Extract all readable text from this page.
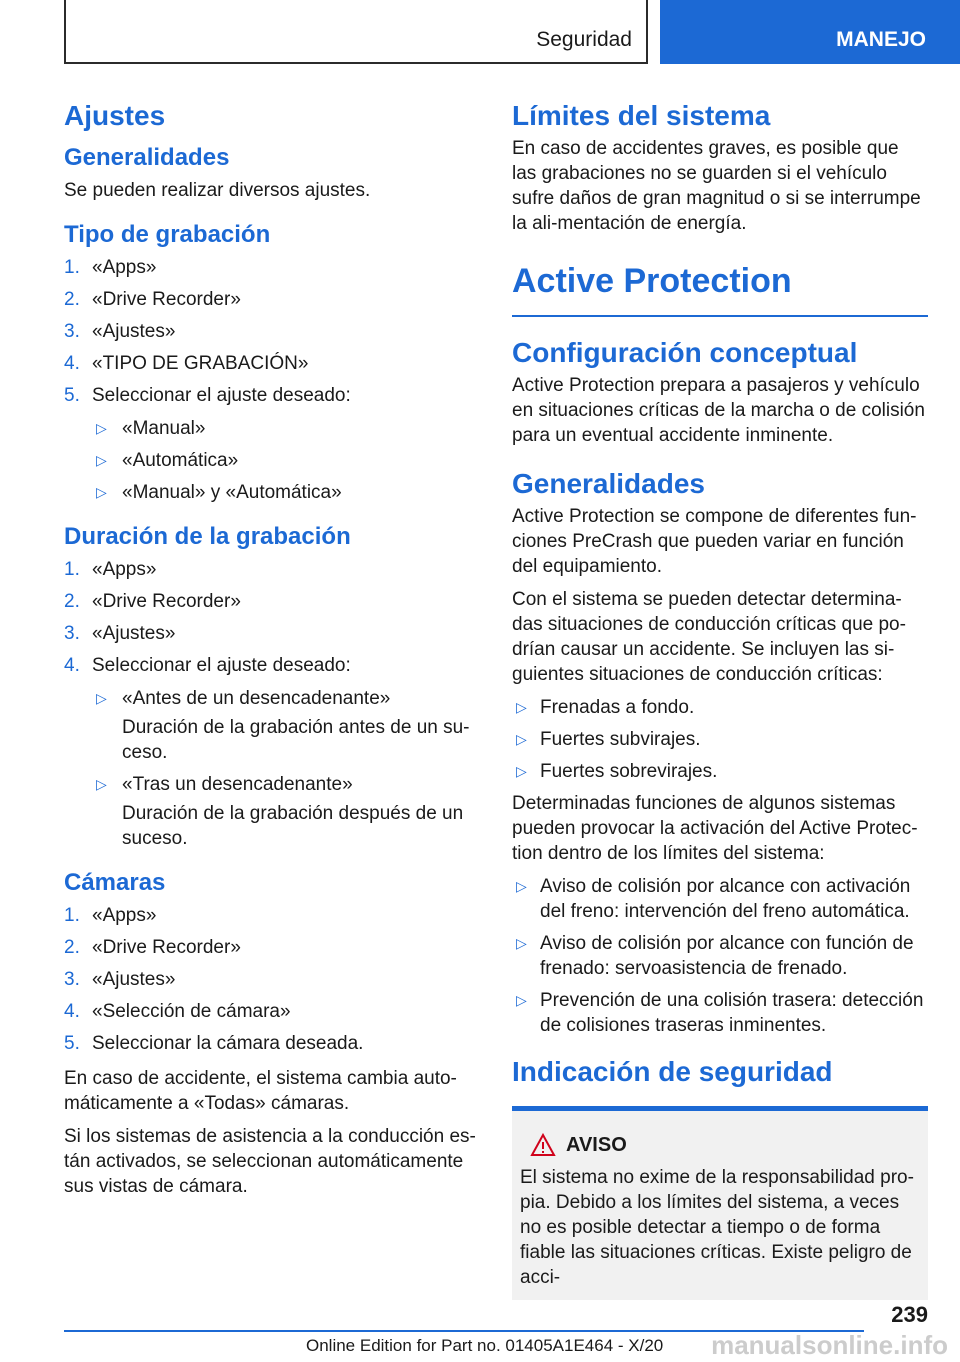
Seguridad	MANEJO
Ajustes
Generalidades

Se pueden realizar diversos ajustes.

Tipo de grabación
1. «Apps»
2. «Drive Recorder»
3. «Ajustes»
4. «TIPO DE GRABACIÓN»
5. Seleccionar el ajuste deseado:
▷ «Manual»
▷ «Automática»
▷ «Manual» y «Automática»
Duración de la grabación
1. «Apps»
2. «Drive Recorder»
3. «Ajustes»
4. Seleccionar el ajuste deseado:
▷ «Antes de un desencadenante»
Duración de la grabación antes de un su-ceso.
▷ «Tras un desencadenante»
Duración de la grabación después de un suceso.
Cámaras
1. «Apps»
2. «Drive Recorder»
3. «Ajustes»
4. «Selección de cámara»
5. Seleccionar la cámara deseada.

En caso de accidente, el sistema cambia auto-máticamente a «Todas» cámaras.

Si los sistemas de asistencia a la conducción es-tán activados, se seleccionan automáticamente sus vistas de cámara.

Límites del sistema

En caso de accidentes graves, es posible que las grabaciones no se guarden si el vehículo sufre daños de gran magnitud o si se interrumpe la ali-mentación de energía.

Active Protection
Configuración conceptual

Active Protection prepara a pasajeros y vehículo en situaciones críticas de la marcha o de colisión para un eventual accidente inminente.

Generalidades

Active Protection se compone de diferentes fun-ciones PreCrash que pueden variar en función del equipamiento.

Con el sistema se pueden detectar determina-das situaciones de conducción críticas que po-drían causar un accidente. Se incluyen las si-guientes situaciones de conducción críticas:

▷ Frenadas a fondo.
▷ Fuertes subvirajes.
▷ Fuertes sobrevirajes.

Determinadas funciones de algunos sistemas pueden provocar la activación del Active Protec-tion dentro de los límites del sistema:

▷ Aviso de colisión por alcance con activación del freno: intervención del freno automática.
▷ Aviso de colisión por alcance con función de frenado: servoasistencia de frenado.
▷ Prevención de una colisión trasera: detección de colisiones traseras inminentes.
Indicación de seguridad
AVISO

El sistema no exime de la responsabilidad pro-pia. Debido a los límites del sistema, a veces no es posible detectar a tiempo o de forma fiable las situaciones críticas. Existe peligro de acci-

239
Online Edition for Part no. 01405A1E464 - X/20 manualsonline.info
